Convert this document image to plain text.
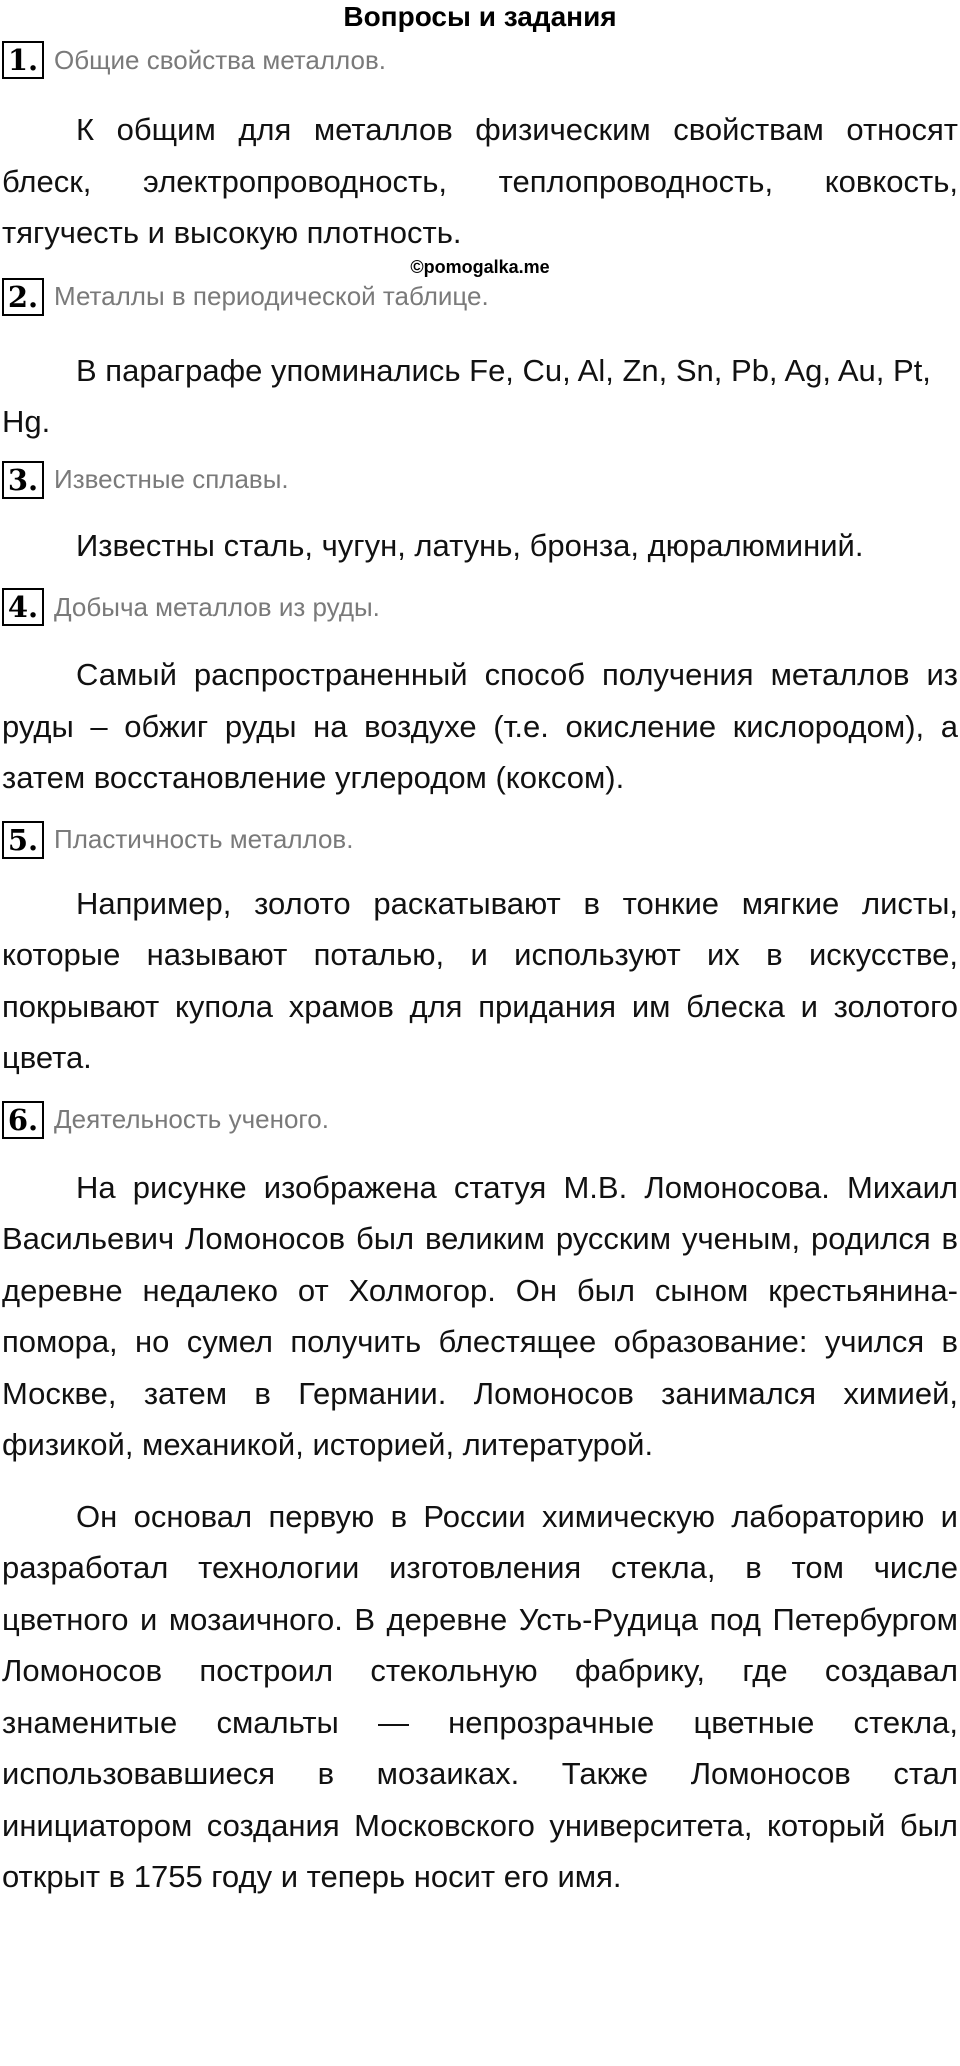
Вопросы и задания
1. Общие свойства металлов.

К общим для металлов физическим свойствам относят блеск, электропроводность, теплопроводность, ковкость, тягучесть и высокую плотность.

©pomogalka.me
2. Металлы в периодической таблице.

В параграфе упоминались Fe, Cu, Al, Zn, Sn, Pb, Ag, Au, Pt, Hg.

3. Известные сплавы.

Известны сталь, чугун, латунь, бронза, дюралюминий.

4. Добыча металлов из руды.

Самый распространенный способ получения металлов из руды – обжиг руды на воздухе (т.е. окисление кислородом), а затем восстановление углеродом (коксом).

5. Пластичность металлов.

Например, золото раскатывают в тонкие мягкие листы, которые называют поталью, и используют их в искусстве, покрывают купола храмов для придания им блеска и золотого цвета.

6. Деятельность ученого.

На рисунке изображена статуя М.В. Ломоносова. Михаил Васильевич Ломоносов был великим русским ученым, родился в деревне недалеко от Холмогор. Он был сыном крестьянина-помора, но сумел получить блестящее образование: учился в Москве, затем в Германии. Ломоносов занимался химией, физикой, механикой, историей, литературой.

Он основал первую в России химическую лабораторию и разработал технологии изготовления стекла, в том числе цветного и мозаичного. В деревне Усть-Рудица под Петербургом Ломоносов построил стекольную фабрику, где создавал знаменитые смальты — непрозрачные цветные стекла, использовавшиеся в мозаиках. Также Ломоносов стал инициатором создания Московского университета, который был открыт в 1755 году и теперь носит его имя.
